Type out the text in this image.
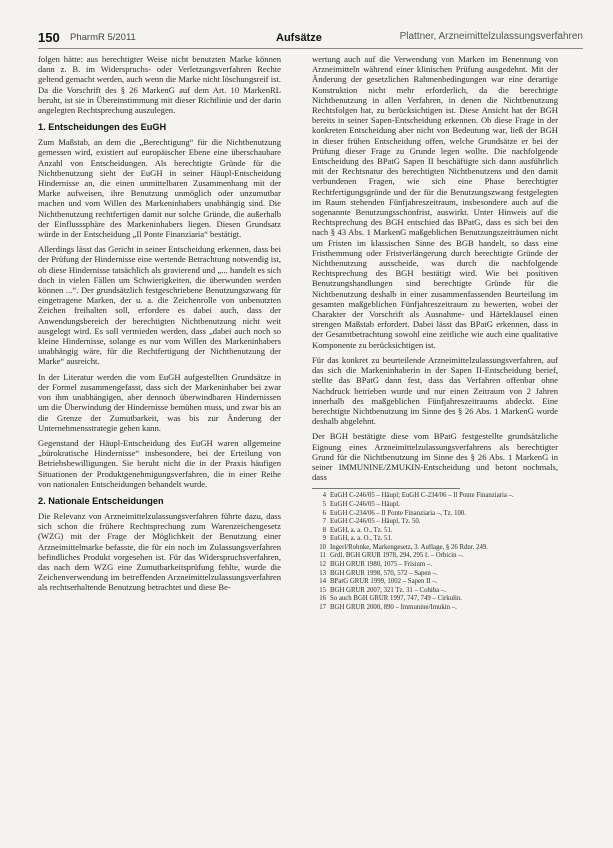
150 PharmR 5/2011	Aufsätze	Plattner, Arzneimittelzulassungsverfahren

folgen hätte: aus berechtigter Weise nicht benutzten Marke können dann z. B. im Widerspruchs- oder Verletzungsverfahren Rechte geltend gemacht werden, auch wenn die Marke nicht löschungsreif ist. Da die Vorschrift des § 26 MarkenG auf dem Art. 10 MarkenRL beruht, ist sie in Übereinstimmung mit dieser Richtlinie und der darin angelegten Rechtsprechung auszulegen.

1. Entscheidungen des EuGH

Zum Maßstab, an dem die „Berechtigung“ für die Nichtbenutzung gemessen wird, existiert auf europäischer Ebene eine überschaubare Anzahl von Entscheidungen. Als berechtigte Gründe für die Nichtbenutzung sieht der EuGH in seiner Häupl-Entscheidung Hindernisse an, die einen unmittelbaren Zusammenhang mit der Marke aufweisen, ihre Benutzung unmöglich oder unzumutbar machen und vom Willen des Markeninhabers unabhängig sind. Die Nichtbenutzung rechtfertigen damit nur solche Gründe, die außerhalb der Einflusssphäre des Markeninhabers liegen. Diesen Grundsatz würde in der Entscheidung „Il Ponte Finanziaria“ bestätigt.

Allerdings lässt das Gericht in seiner Entscheidung erkennen, dass bei der Prüfung der Hindernisse eine wertende Betrachtung notwendig ist, ob diese Hindernisse tatsächlich als gravierend und „... handelt es sich doch in vielen Fällen um Schwierigkeiten, die überwunden werden können ...“. Der grundsätzlich festgeschriebene Benutzungszwang für eingetragene Marken, der u. a. die Zeichenrolle von unbenutzten Zeichen freihalten soll, erfordere es dabei auch, dass der Anwendungsbereich der berechtigten Nichtbenutzung nicht weit ausgelegt wird. Es soll vermieden werden, dass „dabei auch noch so kleine Hindernisse, solange es nur vom Willen des Markeninhabers unabhängig wäre, für die Rechtfertigung der Nichtbenutzung der Marke“ ausreicht.

In der Literatur werden die vom EuGH aufgestellten Grundsätze in der Formel zusammengefasst, dass sich der Markeninhaber bei zwar von ihm unabhängigen, aber dennoch überwindbaren Hindernissen um die Überwindung der Hindernisse bemühen muss, und zwar bis an die Grenze der Zumutbarkeit, was bis zur Änderung der Unternehmensstrategie gehen kann.

Gegenstand der Häupl-Entscheidung des EuGH waren allgemeine „bürokratische Hindernisse“ insbesondere, bei der Erteilung von Betriebsbewilligungen. Sie beruht nicht die in der Praxis häufigen Situationen der Produktgenehmigungsverfahren, die in einer Reihe von nationalen Entscheidungen behandelt wurde.

2. Nationale Entscheidungen

Die Relevanz von Arzneimittelzulassungsverfahren führte dazu, dass sich schon die frühere Rechtsprechung zum Warenzeichengesetz (WZG) mit der Frage der Möglichkeit der Benutzung einer Arzneimittelmarke befasste, die für ein noch im Zulassungsverfahren befindliches Produkt vorgesehen ist. Für das Widerspruchsverfahren, das nach dem WZG eine Zumutbarkeitsprüfung fehlte, wurde die Zeichenverwendung im betreffenden Arzneimittelzulassungsverfahren als rechtserhaltende Benutzung betrachtet und diese Be-

wertung auch auf die Verwendung von Marken im Benennung von Arzneimitteln während einer klinischen Prüfung ausgedehnt. Mit der Änderung der gesetzlichen Rahmenbedingungen war eine derartige Konstruktion nicht mehr erforderlich, da die berechtigte Nichtbenutzung in allen Verfahren, in denen die Nichtbenutzung Rechtsfolgen hat, zu berücksichtigen ist. Diese Ansicht hat der BGH bereits in seiner Sapen-Entscheidung erkennen. Ob diese Frage in der konkreten Entscheidung aber nicht von Bedeutung war, ließ der BGH in dieser frühen Entscheidung offen, welche Grundsätze er bei der Prüfung dieser Frage zu Grunde legen wollte. Die nachfolgende Entscheidung des BPatG Sapen II beschäftigte sich dann ausführlich mit der Rechtsnatur des berechtigten Nichtbenutzens und den damit verbundenen Fragen, wie sich eine Phase berechtigter Rechtfertigungsgründe und der für die Benutzungszwang festgelegten im Raum stehenden Fünfjahreszeitraum, insbesondere auch auf die sogenannte Benutzungsschonfrist, auswirkt. Unter Hinweis auf die Rechtsprechung des BGH entschied das BPatG, dass es sich bei den nach § 43 Abs. 1 MarkenG maßgeblichen Benutzungszeiträumen nicht um Fristen im klassischen Sinne des BGB handelt, so dass eine Fristhemmung oder Fristverlängerung durch berechtigte Gründe der Nichtbenutzung ausscheide, was durch die nachfolgende Rechtsprechung des BGH bestätigt wird. Wie bei positiven Benutzungshandlungen sind berechtigte Gründe für die Nichtbenutzung deshalb in einer zusammenfassenden Beurteilung im gesamten maßgeblichen Fünfjahreszeitraum zu bewerten, wobei der Charakter der Vorschrift als Ausnahme- und Härteklausel einen strengen Maßstab erfordert. Dabei lässt das BPatG erkennen, dass in der Gesamtbetrachtung sowohl eine zeitliche wie auch eine qualitative Komponente zu berücksichtigen ist.

Für das konkret zu beurteilende Arzneimittelzulassungsverfahren, auf das sich die Markeninhaberin in der Sapen II-Entscheidung berief, stellte das BPatG dann fest, dass das Verfahren offenbar ohne Nachdruck betrieben wurde und nur einen Zeitraum von 2 Jahren innerhalb des maßgeblichen Fünfjahreszeitraums abdeckt. Eine berechtigte Nichtbenutzung im Sinne des § 26 Abs. 1 MarkenG wurde deshalb abgelehnt.

Der BGH bestätigte diese vom BPatG festgestellte grundsätzliche Eignung eines Arzneimittelzulassungsverfahrens als berechtigter Grund für die Nichtbenutzung im Sinne des § 26 Abs. 1 MarkenG in seiner IMMUNINE/ZMUKIN-Entscheidung und betont nochmals, dass

4 EuGH C-246/05 – Häupl; EuGH C-234/06 – Il Ponte Finanziaria –.
5 EuGH C-246/05 – Häupl.
6 EuGH C-234/06 – Il Ponte Finanziaria –, Tz. 100.
7 EuGH C-246/05 – Häupl, Tz. 50.
8 EuGH, a. a. O., Tz. 51.
9 EuGH, a. a. O., Tz. 51.
10 Ingerl/Rohnke, Markengesetz, 3. Auflage, § 26 Rdnr. 249.
11 Grdl. BGH GRUR 1978, 294, 295 f. – Orbicin –.
12 BGH GRUR 1980, 1075 – Frisium –.
13 BGH GRUR 1998, 570, 572 – Sapen –.
14 BPatG GRUR 1999, 1002 – Sapen II –.
15 BGH GRUR 2007, 321 Tz. 31 – Cohiba –.
16 So auch BGH GRUR 1997, 747, 749 – Cirkulin.
17 BGH GRUR 2000, 890 – Immunine/Imukin –.
